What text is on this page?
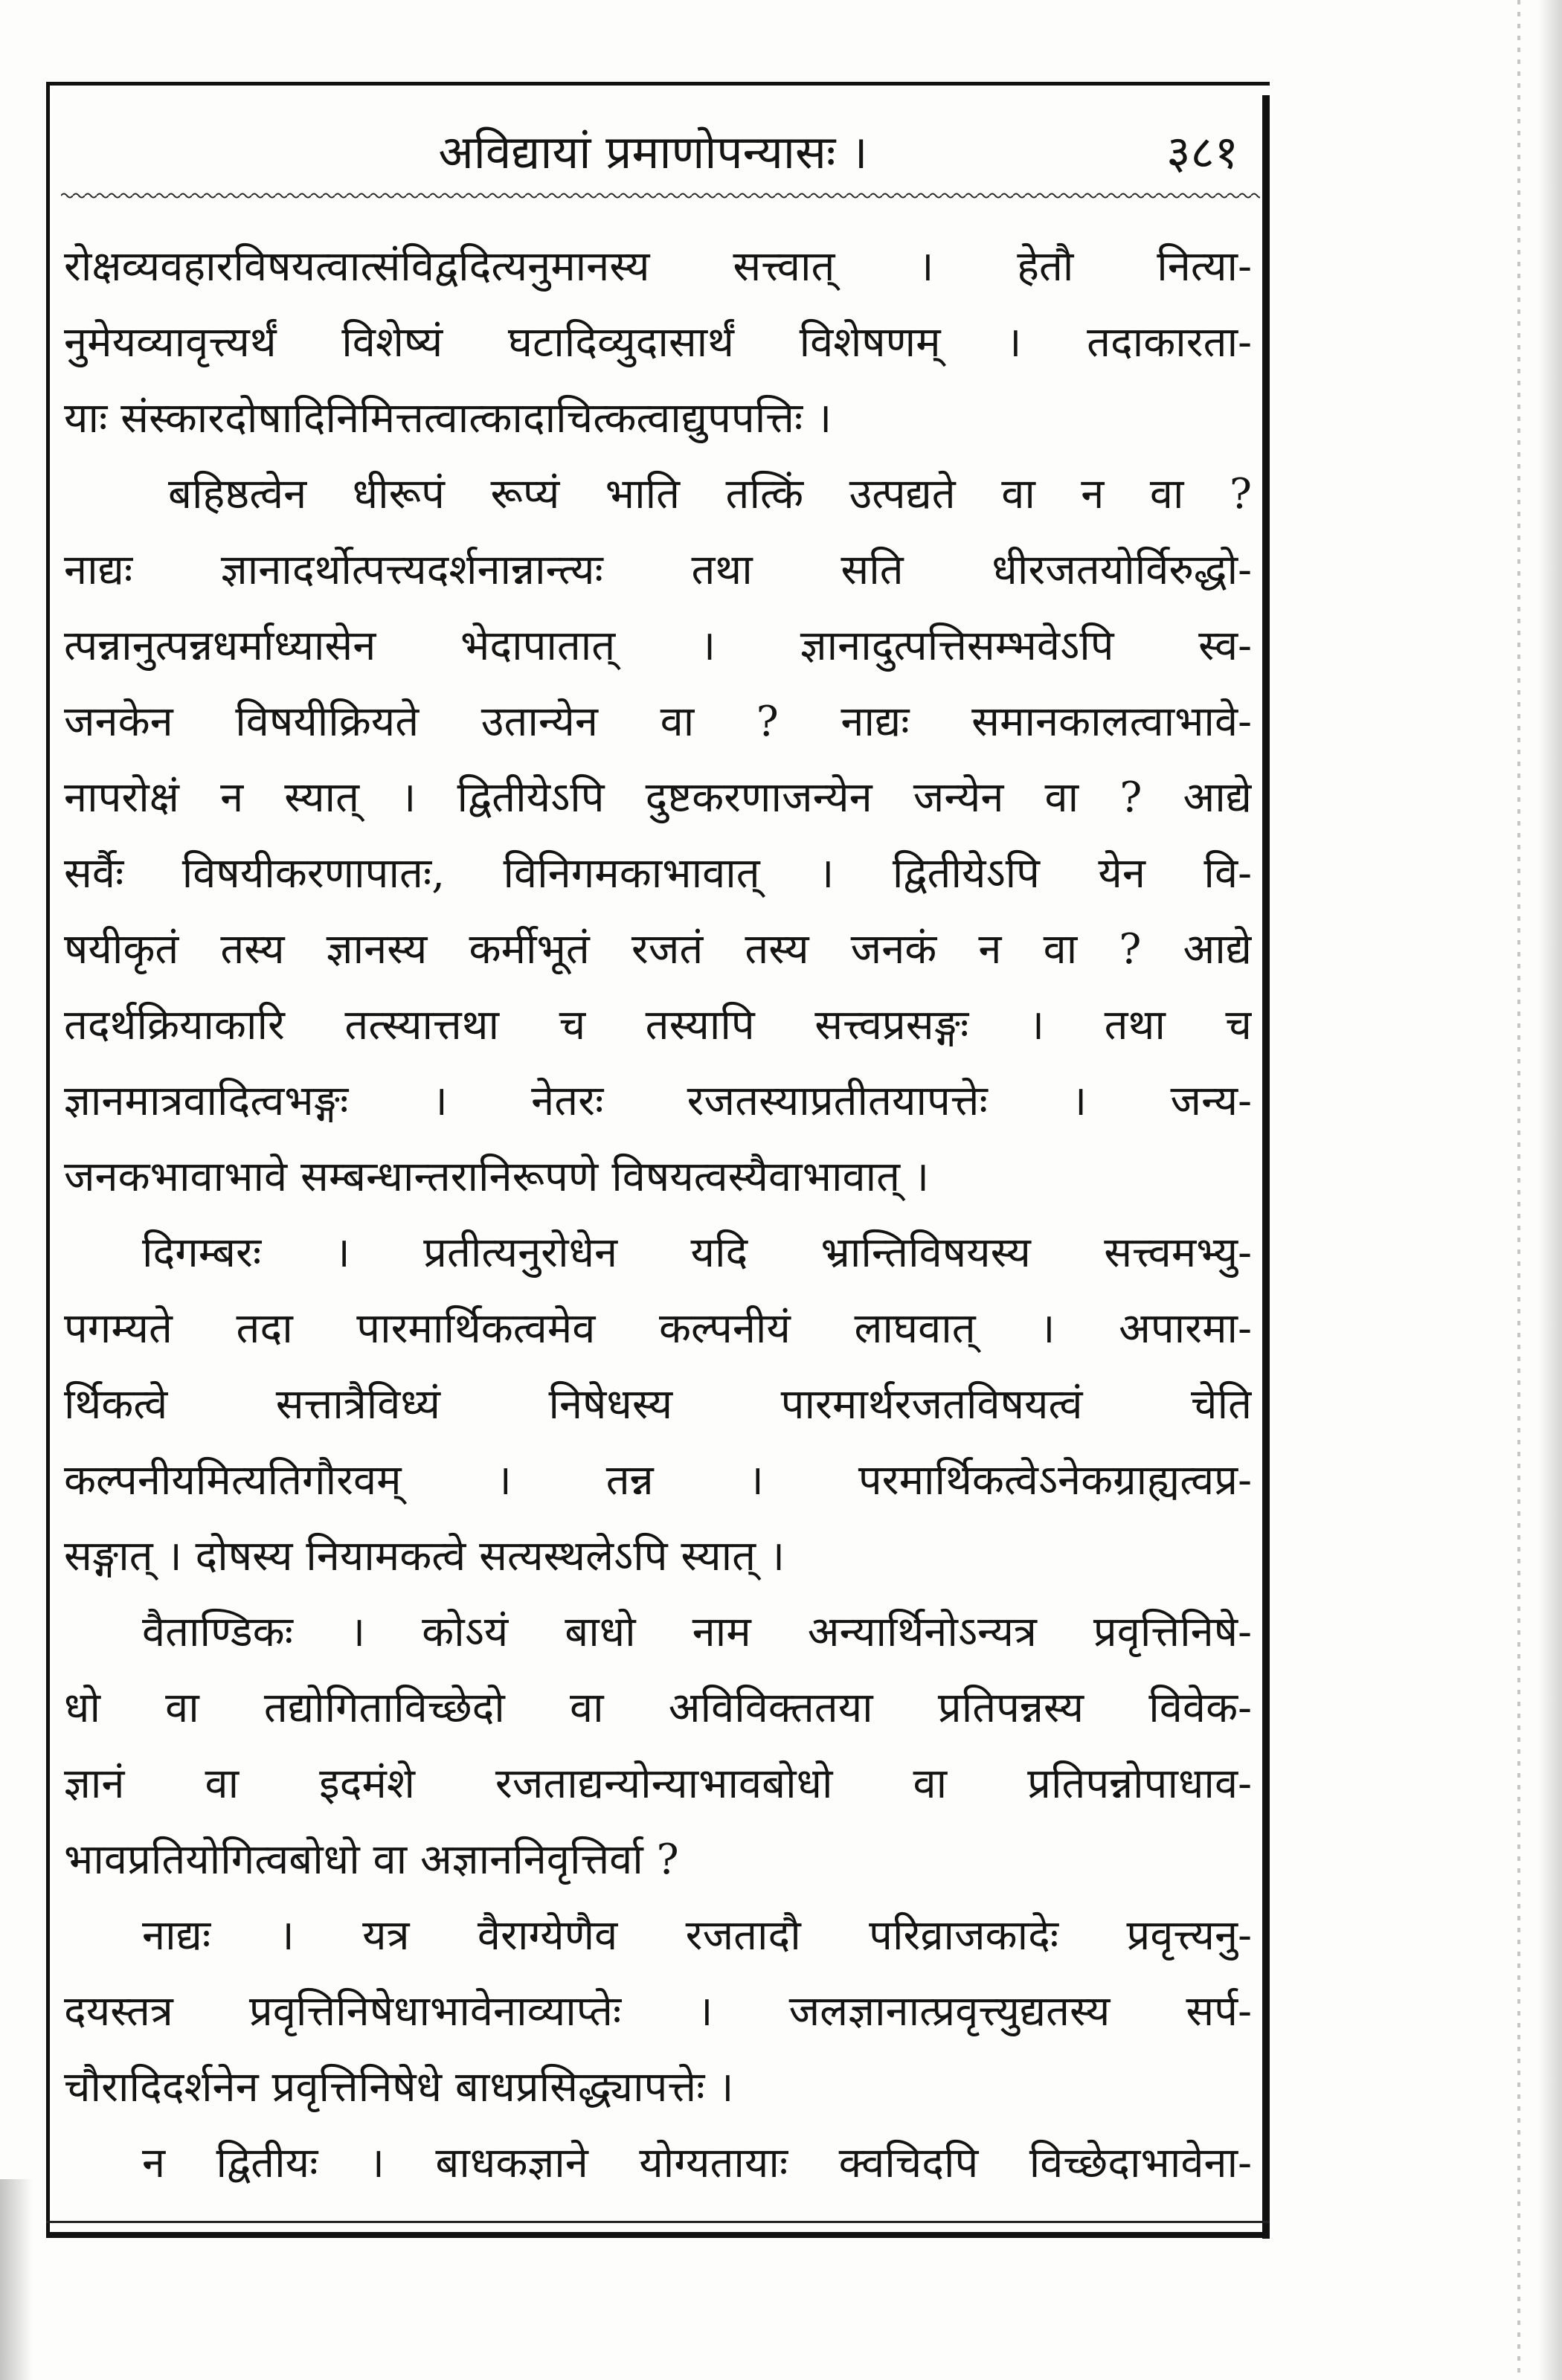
अविद्यायां प्रमाणोपन्यासः ।	३८१
रोक्षव्यवहारविषयत्वात्संविद्वदित्यनुमानस्य सत्त्वात् । हेतौ नित्या-
नुमेयव्यावृत्त्यर्थं विशेष्यं घटादिव्युदासार्थं विशेषणम् । तदाकारता-
याः संस्कारदोषादिनिमित्तत्वात्कादाचित्कत्वाद्युपपत्तिः ।
बहिष्ठत्वेन धीरूपं रूप्यं भाति तत्किं उत्पद्यते वा न वा ?
नाद्यः ज्ञानादर्थोत्पत्त्यदर्शनान्नान्त्यः तथा सति धीरजतयोर्विरुद्धो-
त्पन्नानुत्पन्नधर्माध्यासेन भेदापातात् । ज्ञानादुत्पत्तिसम्भवेऽपि स्व-
जनकेन विषयीक्रियते उतान्येन वा ? नाद्यः समानकालत्वाभावे-
नापरोक्षं न स्यात् । द्वितीयेऽपि दुष्टकरणाजन्येन जन्येन वा ? आद्ये
सर्वैः विषयीकरणापातः, विनिगमकाभावात् । द्वितीयेऽपि येन वि-
षयीकृतं तस्य ज्ञानस्य कर्मीभूतं रजतं तस्य जनकं न वा ? आद्ये
तदर्थक्रियाकारि तत्स्यात्तथा च तस्यापि सत्त्वप्रसङ्गः । तथा च
ज्ञानमात्रवादित्वभङ्गः । नेतरः रजतस्याप्रतीतयापत्तेः । जन्य-
जनकभावाभावे सम्बन्धान्तरानिरूपणे विषयत्वस्यैवाभावात् ।
दिगम्बरः । प्रतीत्यनुरोधेन यदि भ्रान्तिविषयस्य सत्त्वमभ्यु-
पगम्यते तदा पारमार्थिकत्वमेव कल्पनीयं लाघवात् । अपारमा-
र्थिकत्वे सत्तात्रैविध्यं निषेधस्य पारमार्थरजतविषयत्वं चेति
कल्पनीयमित्यतिगौरवम् । तन्न । परमार्थिकत्वेऽनेकग्राह्यत्वप्र-
सङ्गात् । दोषस्य नियामकत्वे सत्यस्थलेऽपि स्यात् ।
वैताण्डिकः । कोऽयं बाधो नाम अन्यार्थिनोऽन्यत्र प्रवृत्तिनिषे-
धो वा तद्योगिताविच्छेदो वा अविविक्ततया प्रतिपन्नस्य विवेक-
ज्ञानं वा इदमंशे रजताद्यन्योन्याभावबोधो वा प्रतिपन्नोपाधाव-
भावप्रतियोगित्वबोधो वा अज्ञाननिवृत्तिर्वा ?
नाद्यः । यत्र वैराग्येणैव रजतादौ परिव्राजकादेः प्रवृत्त्यनु-
दयस्तत्र प्रवृत्तिनिषेधाभावेनाव्याप्तेः । जलज्ञानात्प्रवृत्त्युद्यतस्य सर्प-
चौरादिदर्शनेन प्रवृत्तिनिषेधे बाधप्रसिद्ध्यापत्तेः ।
न द्वितीयः । बाधकज्ञाने योग्यतायाः क्वचिदपि विच्छेदाभावेना-
